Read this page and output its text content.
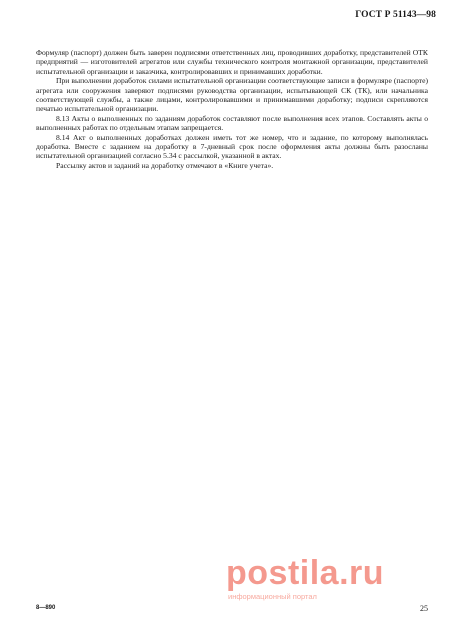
ГОСТ Р 51143—98

Формуляр (паспорт) должен быть заверен подписями ответственных лиц, проводивших доработку, представителей ОТК предприятий — изготовителей агрегатов или службы технического контроля монтажной организации, представителей испытательной организации и заказчика, контролировавших и принимавших доработки.

При выполнении доработок силами испытательной организации соответствующие записи в формуляре (паспорте) агрегата или сооружения заверяют подписями руководства организации, испытывающей СК (ТК), или начальника соответствующей службы, а также лицами, контролировавшими и принимавшими доработку; подписи скрепляются печатью испытательной организации.

8.13 Акты о выполненных по заданиям доработок составляют после выполнения всех этапов. Составлять акты о выполненных работах по отдельным этапам запрещается.

8.14 Акт о выполненных доработках должен иметь тот же номер, что и задание, по которому выполнялась доработка. Вместе с заданием на доработку в 7-дневный срок после оформления акты должны быть разосланы испытательной организацией согласно 5.34 с рассылкой, указанной в актах.

Рассылку актов и заданий на доработку отмечают в «Книге учета».

postila.ru
информационный портал
8—890	25
